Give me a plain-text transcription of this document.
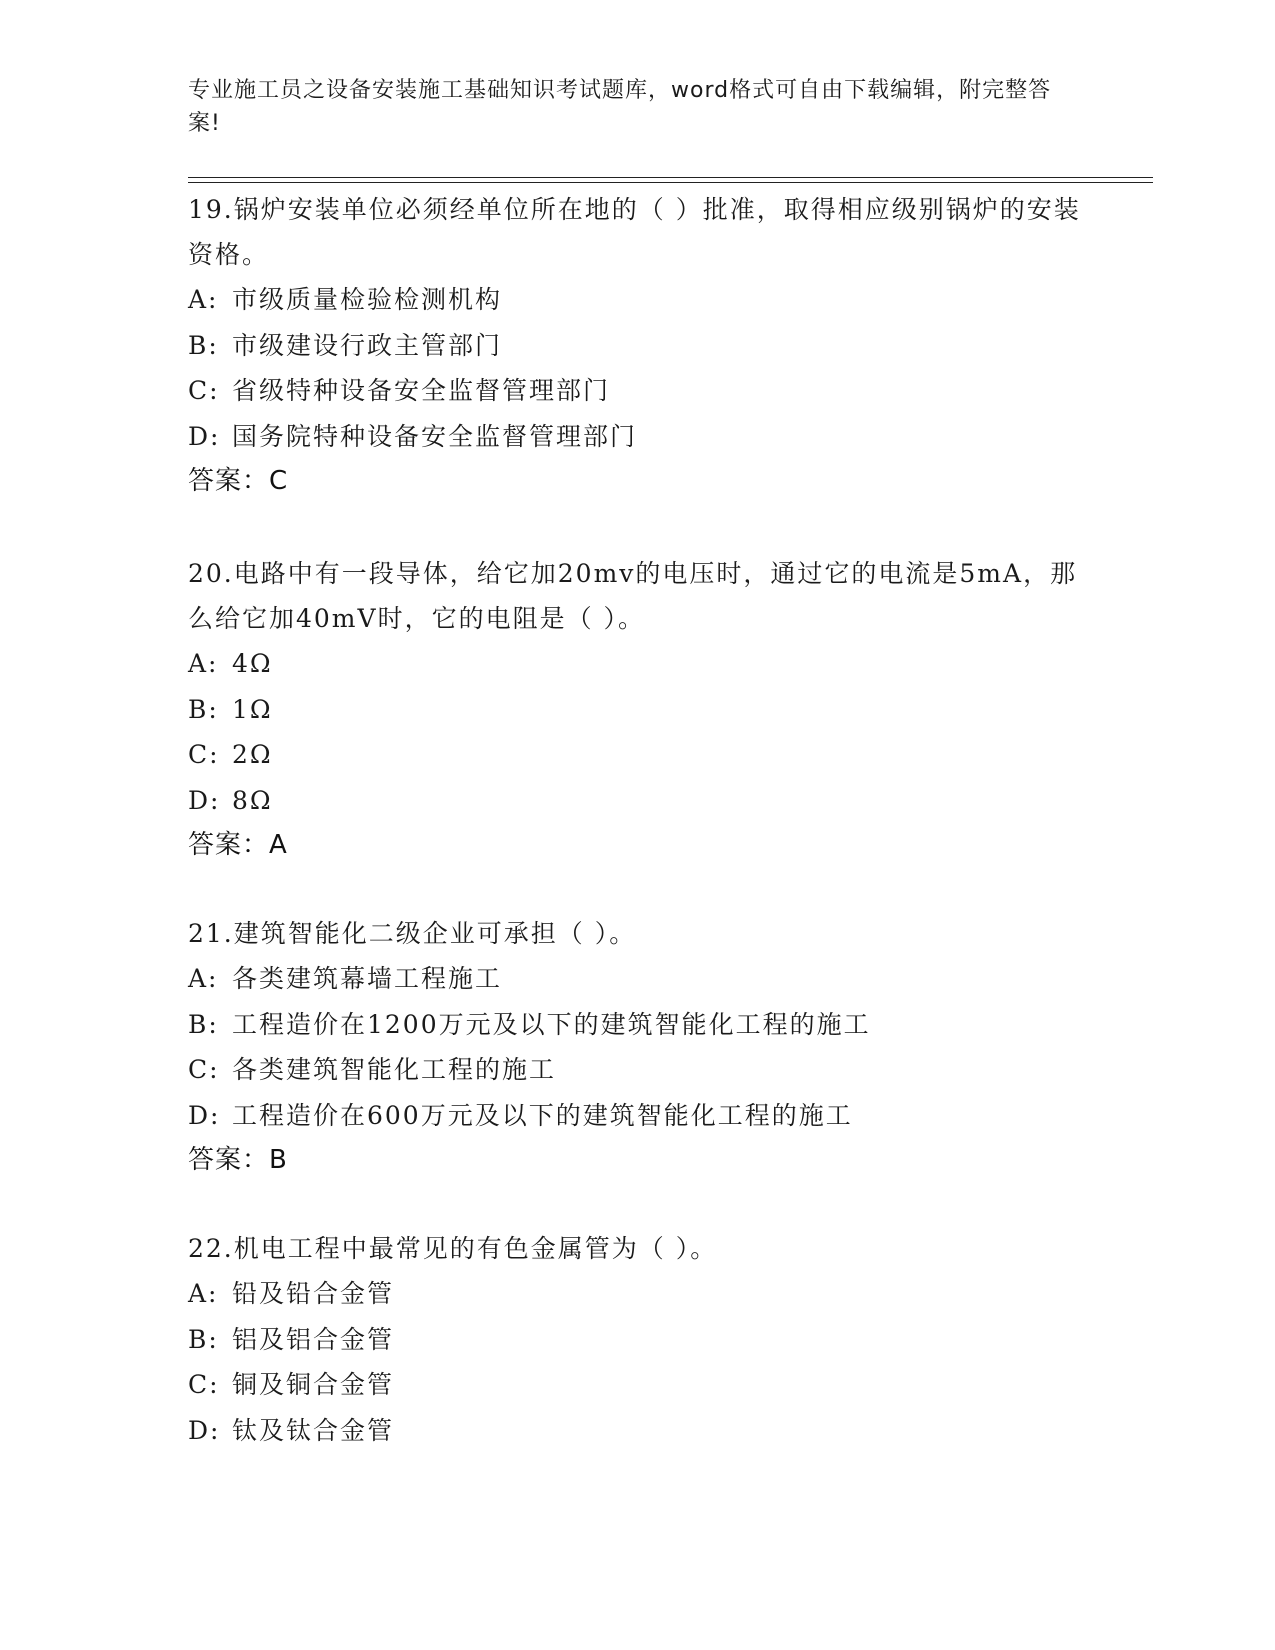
专业施工员之设备安装施工基础知识考试题库，word格式可自由下载编辑，附完整答案!

19.锅炉安装单位必须经单位所在地的（ ）批准，取得相应级别锅炉的安装资格。

A: 市级质量检验检测机构
B: 市级建设行政主管部门
C: 省级特种设备安全监督管理部门
D: 国务院特种设备安全监督管理部门
答案：C

20.电路中有一段导体，给它加20mv的电压时，通过它的电流是5mA，那么给它加40mV时，它的电阻是（ ）。

A: 4Ω
B: 1Ω
C: 2Ω
D: 8Ω
答案：A

21.建筑智能化二级企业可承担（ ）。

A: 各类建筑幕墙工程施工
B: 工程造价在1200万元及以下的建筑智能化工程的施工
C: 各类建筑智能化工程的施工
D: 工程造价在600万元及以下的建筑智能化工程的施工
答案：B

22.机电工程中最常见的有色金属管为（ ）。

A: 铅及铅合金管
B: 铝及铝合金管
C: 铜及铜合金管
D: 钛及钛合金管
